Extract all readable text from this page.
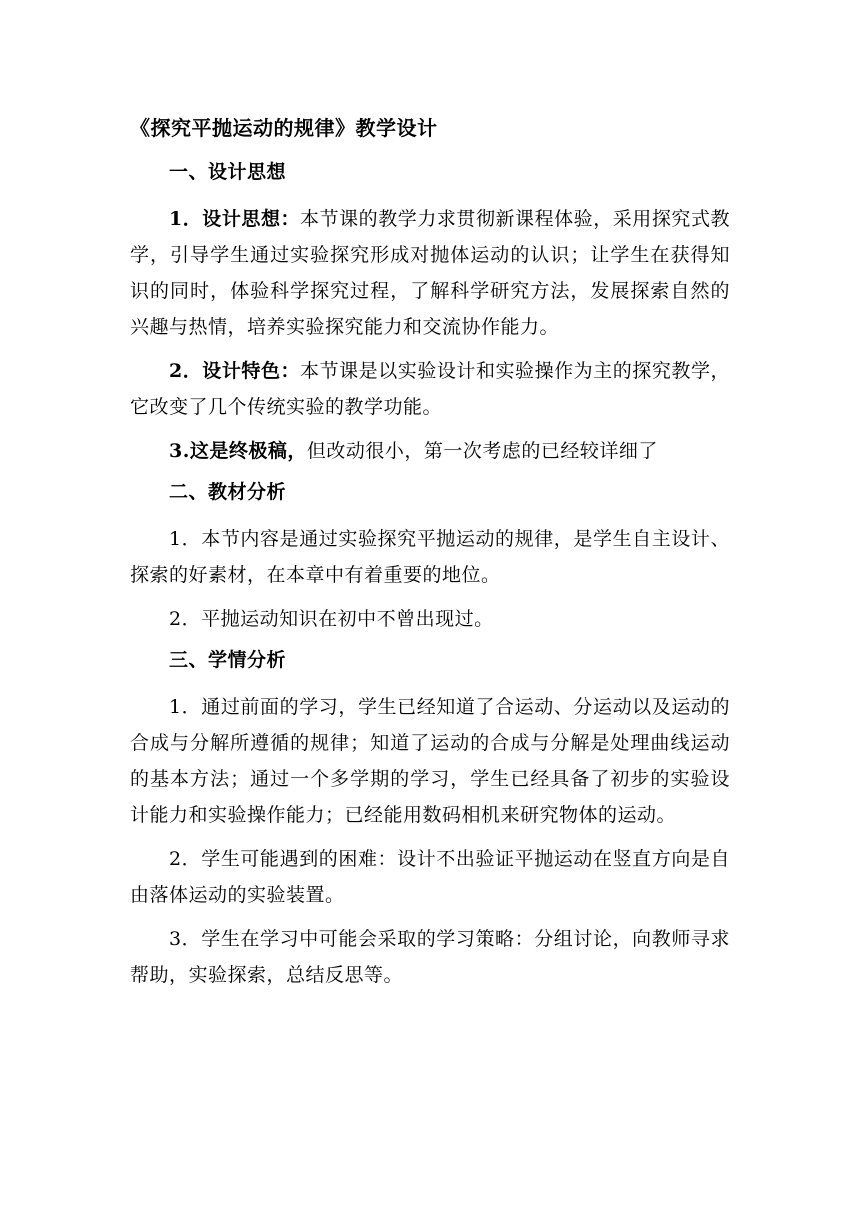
《探究平抛运动的规律》教学设计
一、设计思想

1．设计思想：本节课的教学力求贯彻新课程体验，采用探究式教学，引导学生通过实验探究形成对抛体运动的认识；让学生在获得知识的同时，体验科学探究过程，了解科学研究方法，发展探索自然的兴趣与热情，培养实验探究能力和交流协作能力。

2．设计特色：本节课是以实验设计和实验操作为主的探究教学，它改变了几个传统实验的教学功能。

3.这是终极稿，但改动很小，第一次考虑的已经较详细了

二、教材分析

1．本节内容是通过实验探究平抛运动的规律，是学生自主设计、探索的好素材，在本章中有着重要的地位。

2．平抛运动知识在初中不曾出现过。

三、学情分析

1．通过前面的学习，学生已经知道了合运动、分运动以及运动的合成与分解所遵循的规律；知道了运动的合成与分解是处理曲线运动的基本方法；通过一个多学期的学习，学生已经具备了初步的实验设计能力和实验操作能力；已经能用数码相机来研究物体的运动。

2．学生可能遇到的困难：设计不出验证平抛运动在竖直方向是自由落体运动的实验装置。

3．学生在学习中可能会采取的学习策略：分组讨论，向教师寻求帮助，实验探索，总结反思等。
